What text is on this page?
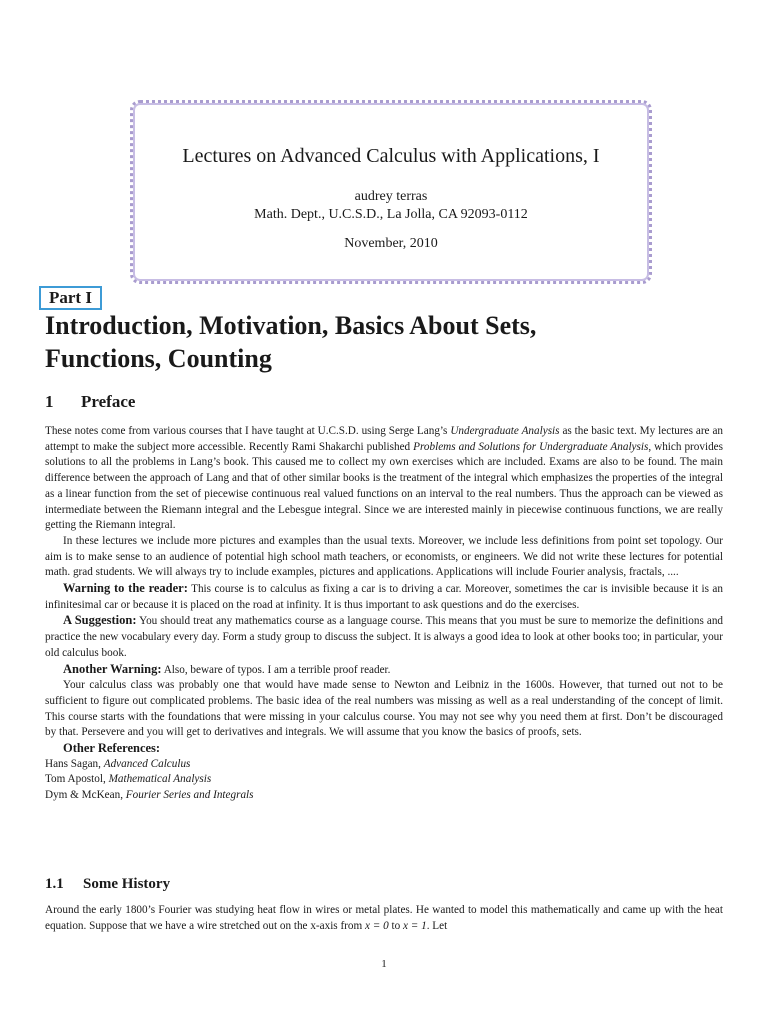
Lectures on Advanced Calculus with Applications, I
audrey terras
Math. Dept., U.C.S.D., La Jolla, CA 92093-0112
November, 2010
Part I
Introduction, Motivation, Basics About Sets,
Functions, Counting
1 Preface

These notes come from various courses that I have taught at U.C.S.D. using Serge Lang’s Undergraduate Analysis as the basic text. My lectures are an attempt to make the subject more accessible. Recently Rami Shakarchi published Problems and Solutions for Undergraduate Analysis, which provides solutions to all the problems in Lang’s book. This caused me to collect my own exercises which are included. Exams are also to be found. The main difference between the approach of Lang and that of other similar books is the treatment of the integral which emphasizes the properties of the integral as a linear function from the set of piecewise continuous real valued functions on an interval to the real numbers. Thus the approach can be viewed as intermediate between the Riemann integral and the Lebesgue integral. Since we are interested mainly in piecewise continuous functions, we are really getting the Riemann integral.

In these lectures we include more pictures and examples than the usual texts. Moreover, we include less definitions from point set topology. Our aim is to make sense to an audience of potential high school math teachers, or economists, or engineers. We did not write these lectures for potential math. grad students. We will always try to include examples, pictures and applications. Applications will include Fourier analysis, fractals, ....

Warning to the reader: This course is to calculus as fixing a car is to driving a car. Moreover, sometimes the car is invisible because it is an infinitesimal car or because it is placed on the road at infinity. It is thus important to ask questions and do the exercises.

A Suggestion: You should treat any mathematics course as a language course. This means that you must be sure to memorize the definitions and practice the new vocabulary every day. Form a study group to discuss the subject. It is always a good idea to look at other books too; in particular, your old calculus book.

Another Warning: Also, beware of typos. I am a terrible proof reader.

Your calculus class was probably one that would have made sense to Newton and Leibniz in the 1600s. However, that turned out not to be sufficient to figure out complicated problems. The basic idea of the real numbers was missing as well as a real understanding of the concept of limit. This course starts with the foundations that were missing in your calculus course. You may not see why you need them at first. Don’t be discouraged by that. Persevere and you will get to derivatives and integrals. We will assume that you know the basics of proofs, sets.

Other References:

Hans Sagan, Advanced Calculus

Tom Apostol, Mathematical Analysis

Dym & McKean, Fourier Series and Integrals

1.1 Some History

Around the early 1800’s Fourier was studying heat flow in wires or metal plates. He wanted to model this mathematically and came up with the heat equation. Suppose that we have a wire stretched out on the x-axis from x = 0 to x = 1. Let

1
